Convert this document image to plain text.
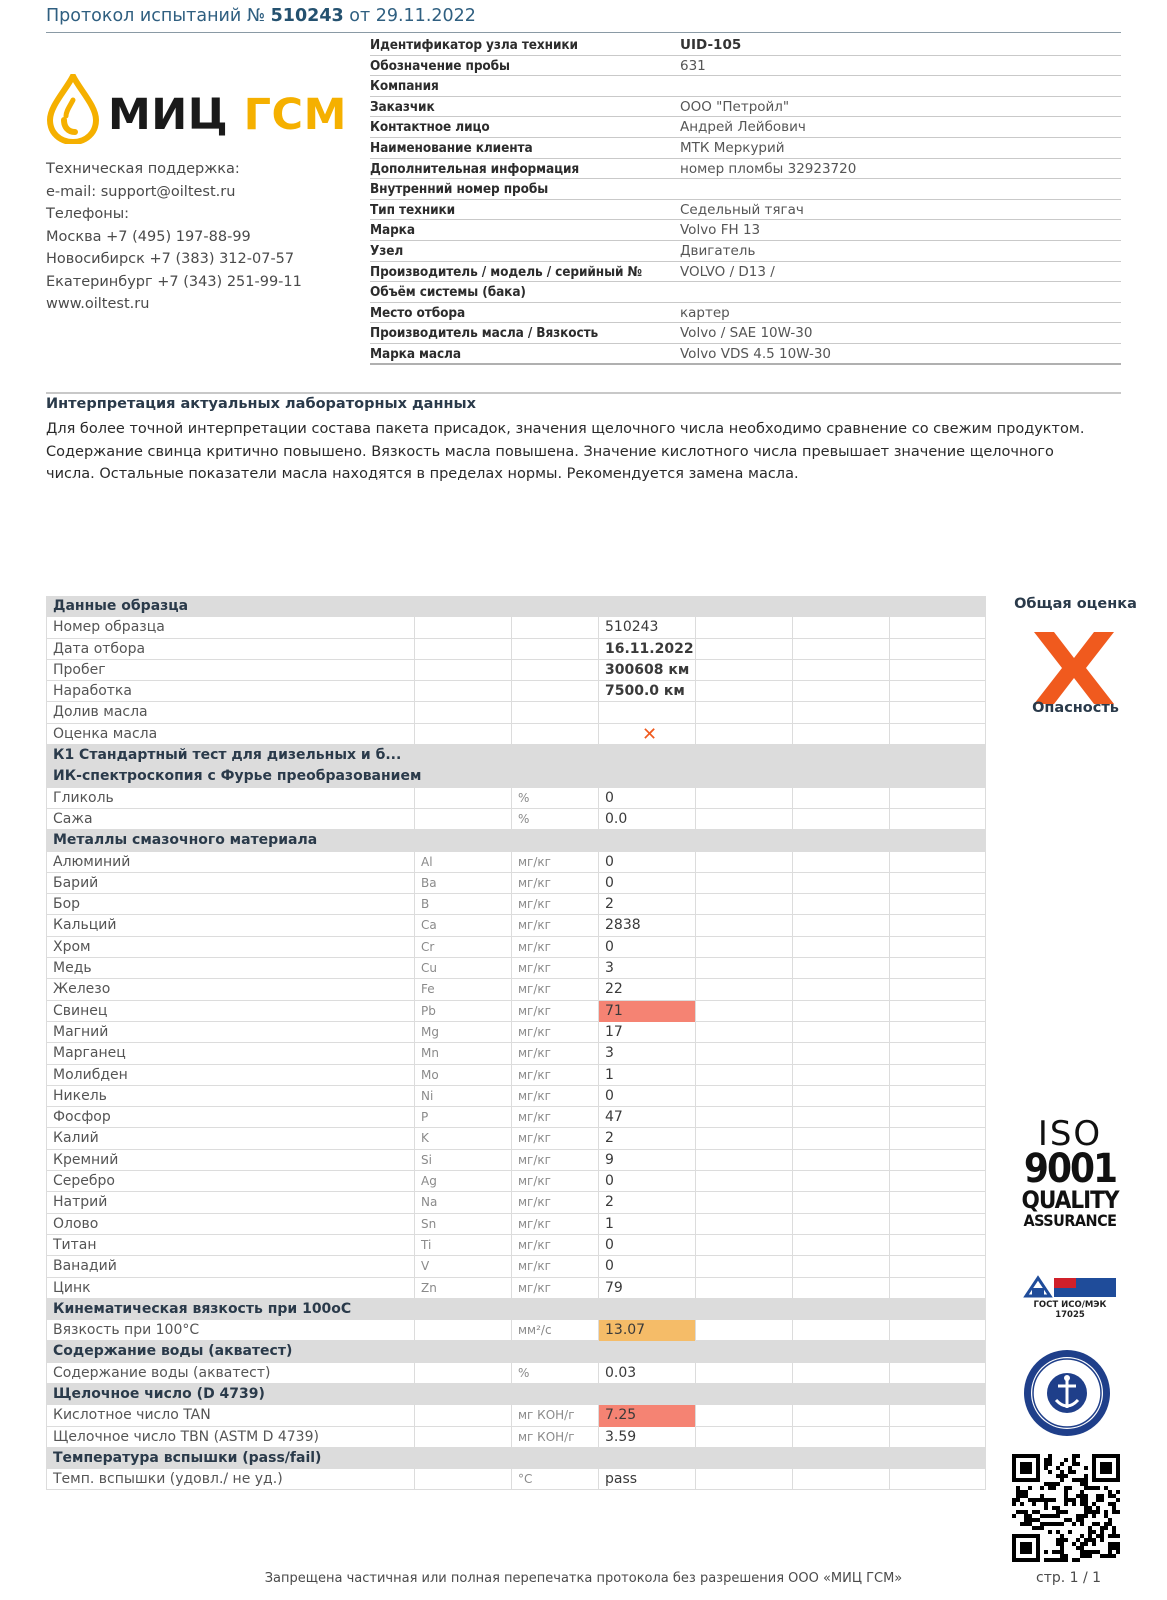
Протокол испытаний № 510243 от 29.11.2022
МИЦ ГСМ
Техническая поддержка:
e-mail: support@oiltest.ru
Телефоны:
Москва +7 (495) 197-88-99
Новосибирск +7 (383) 312-07-57
Екатеринбург +7 (343) 251-99-11
www.oiltest.ru
Идентификатор узла техники	UID-105
Обозначение пробы	631
Компания
Заказчик	ООО "Петройл"
Контактное лицо	Андрей Лейбович
Наименование клиента	МТК Меркурий
Дополнительная информация	номер пломбы 32923720
Внутренний номер пробы
Тип техники	Седельный тягач
Марка	Volvo FH 13
Узел	Двигатель
Производитель / модель / серийный №	VOLVO / D13 /
Объём системы (бака)
Место отбора	картер
Производитель масла / Вязкость	Volvo / SAE 10W-30
Марка масла	Volvo VDS 4.5 10W-30
Интерпретация актуальных лабораторных данных
Для более точной интерпретации состава пакета присадок, значения щелочного числа необходимо сравнение со свежим продуктом.
Содержание свинца критично повышено. Вязкость масла повышена. Значение кислотного числа превышает значение щелочного
числа. Остальные показатели масла находятся в пределах нормы. Рекомендуется замена масла.
Данные образца
Номер образца	510243
Дата отбора	16.11.2022
Пробег	300608 км
Наработка	7500.0 км
Долив масла
Оценка масла	✕
К1 Стандартный тест для дизельных и б...
ИК-спектроскопия с Фурье преобразованием
Гликоль	%	0
Сажа	%	0.0
Металлы смазочного материала
Алюминий	Al	мг/кг	0
Барий	Ba	мг/кг	0
Бор	B	мг/кг	2
Кальций	Ca	мг/кг	2838
Хром	Cr	мг/кг	0
Медь	Cu	мг/кг	3
Железо	Fe	мг/кг	22
Свинец	Pb	мг/кг	71
Магний	Mg	мг/кг	17
Марганец	Mn	мг/кг	3
Молибден	Mo	мг/кг	1
Никель	Ni	мг/кг	0
Фосфор	P	мг/кг	47
Калий	K	мг/кг	2
Кремний	Si	мг/кг	9
Серебро	Ag	мг/кг	0
Натрий	Na	мг/кг	2
Олово	Sn	мг/кг	1
Титан	Ti	мг/кг	0
Ванадий	V	мг/кг	0
Цинк	Zn	мг/кг	79
Кинематическая вязкость при 100оС
Вязкость при 100°С	мм²/с	13.07
Содержание воды (акватест)
Содержание воды (акватест)	%	0.03
Щелочное число (D 4739)
Кислотное число TAN	мг КОН/г	7.25
Щелочное число TBN (ASTM D 4739)	мг КОН/г	3.59
Температура вспышки (pass/fail)
Темп. вспышки (удовл./ не уд.)	°C	pass
Общая оценка
Опасность
ISO
9001
QUALITY
ASSURANCE
ГОСТ ИСО/МЭК
17025
Запрещена частичная или полная перепечатка протокола без разрешения ООО «МИЦ ГСМ»	стр. 1 / 1
